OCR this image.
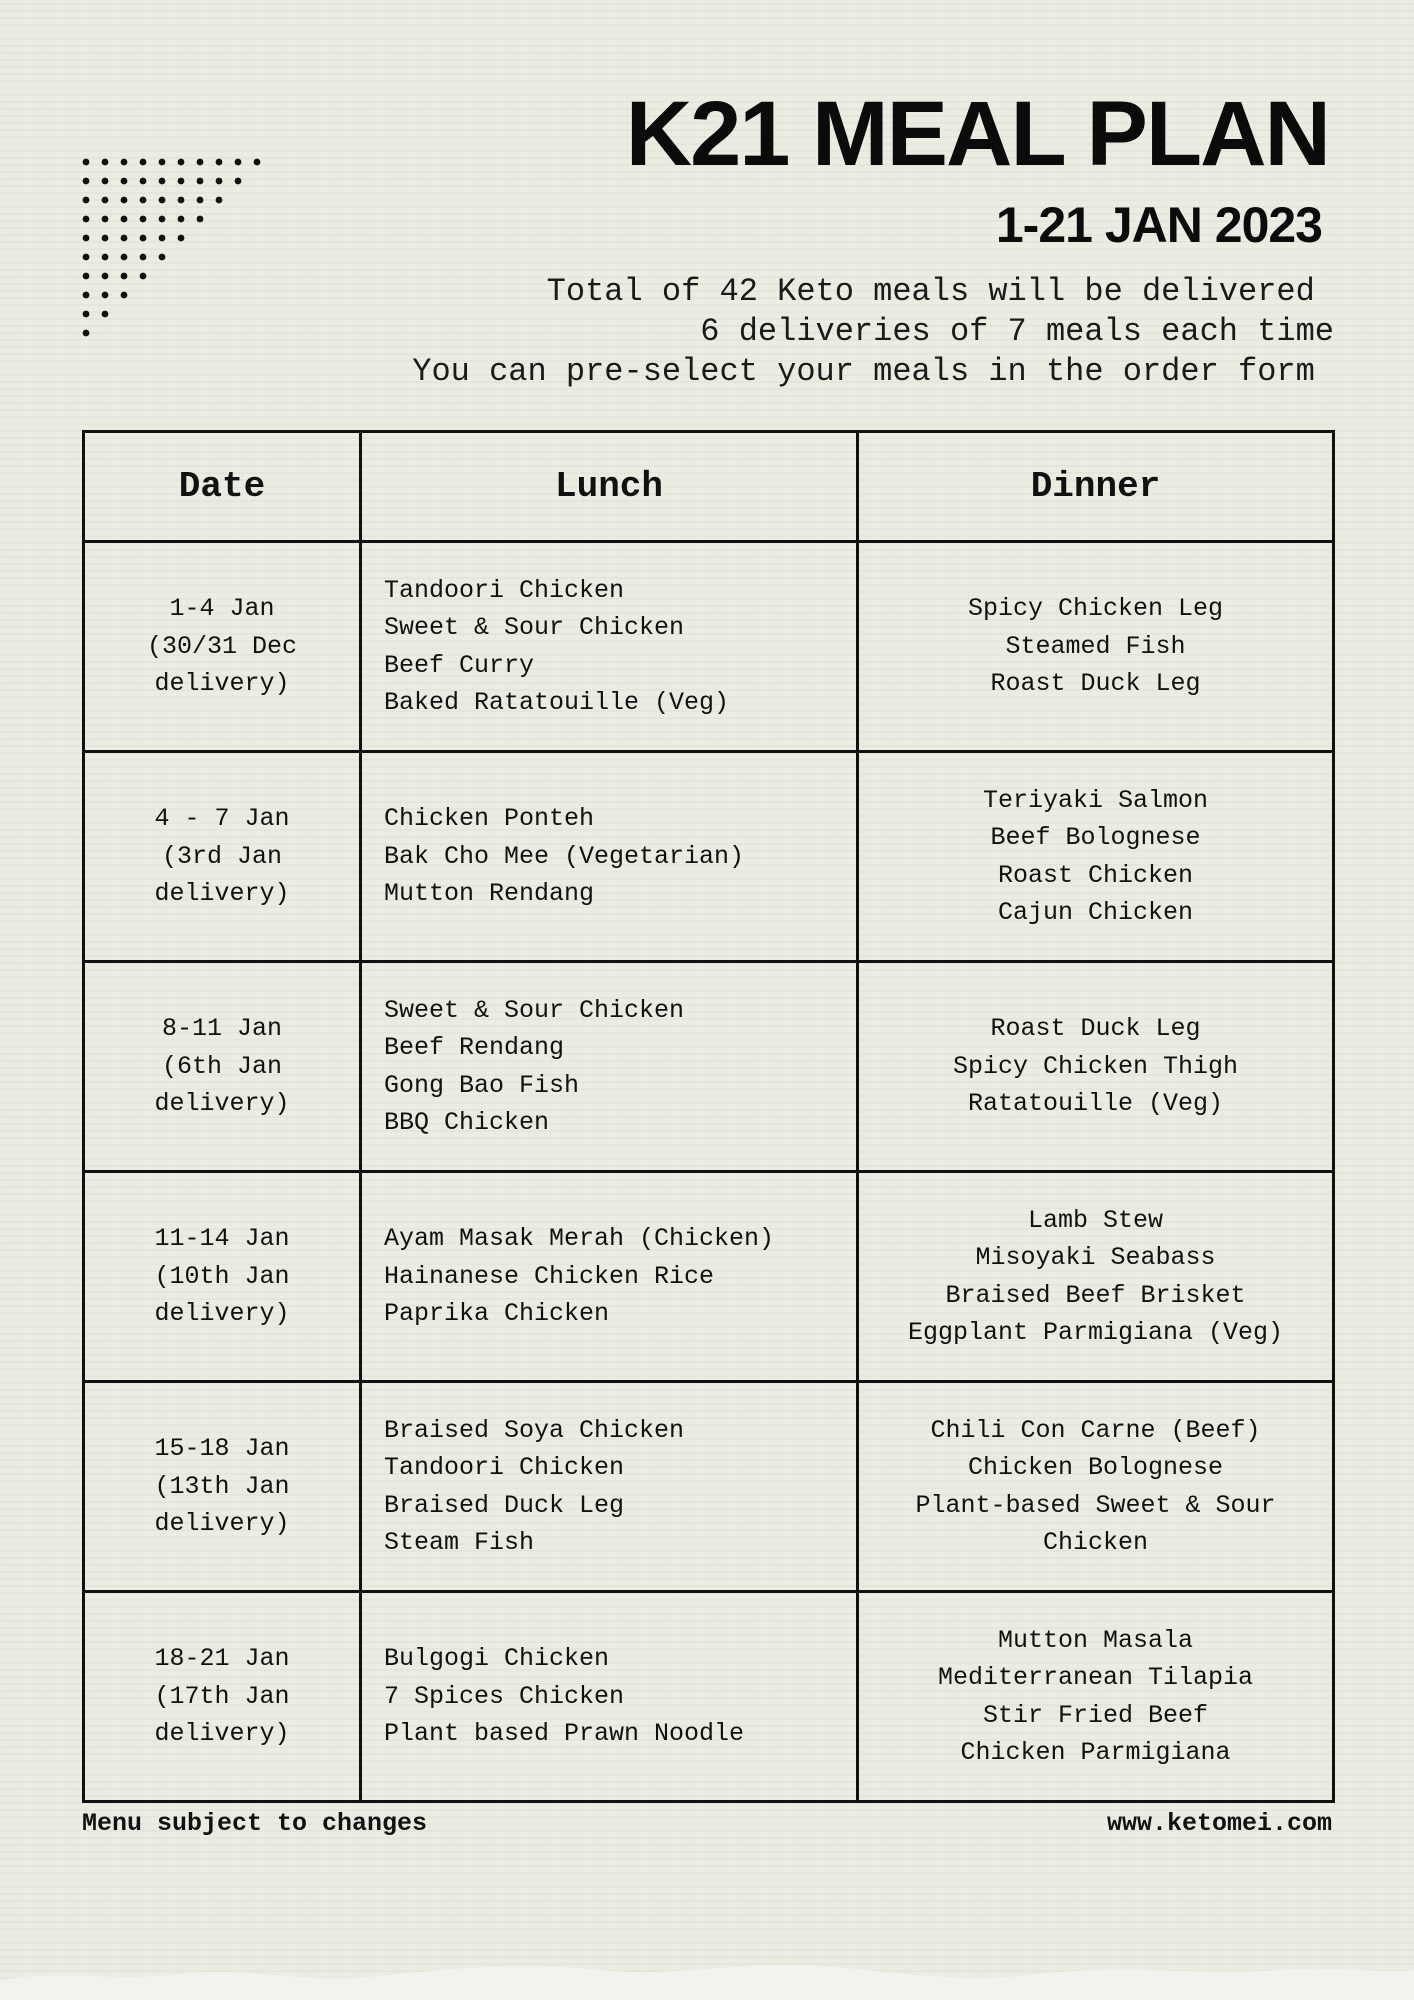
K21 MEAL PLAN
1-21 JAN 2023
Total of 42 Keto meals will be delivered
6 deliveries of 7 meals each time
You can pre-select your meals in the order form
Date	Lunch	Dinner

1-4 Jan
(30/31 Dec
delivery)	Tandoori Chicken
Sweet & Sour Chicken
Beef Curry
Baked Ratatouille (Veg)	Spicy Chicken Leg
Steamed Fish
Roast Duck Leg

4 - 7 Jan
(3rd Jan
delivery)	Chicken Ponteh
Bak Cho Mee (Vegetarian)
Mutton Rendang	Teriyaki Salmon
Beef Bolognese
Roast Chicken
Cajun Chicken

8-11 Jan
(6th Jan
delivery)	Sweet & Sour Chicken
Beef Rendang
Gong Bao Fish
BBQ Chicken	Roast Duck Leg
Spicy Chicken Thigh
Ratatouille (Veg)

11-14 Jan
(10th Jan
delivery)	Ayam Masak Merah (Chicken)
Hainanese Chicken Rice
Paprika Chicken	Lamb Stew
Misoyaki Seabass
Braised Beef Brisket
Eggplant Parmigiana (Veg)

15-18 Jan
(13th Jan
delivery)	Braised Soya Chicken
Tandoori Chicken
Braised Duck Leg
Steam Fish	Chili Con Carne (Beef)
Chicken Bolognese
Plant-based Sweet & Sour
Chicken

18-21 Jan
(17th Jan
delivery)	Bulgogi Chicken
7 Spices Chicken
Plant based Prawn Noodle	Mutton Masala
Mediterranean Tilapia
Stir Fried Beef
Chicken Parmigiana
Menu subject to changes	www.ketomei.com
